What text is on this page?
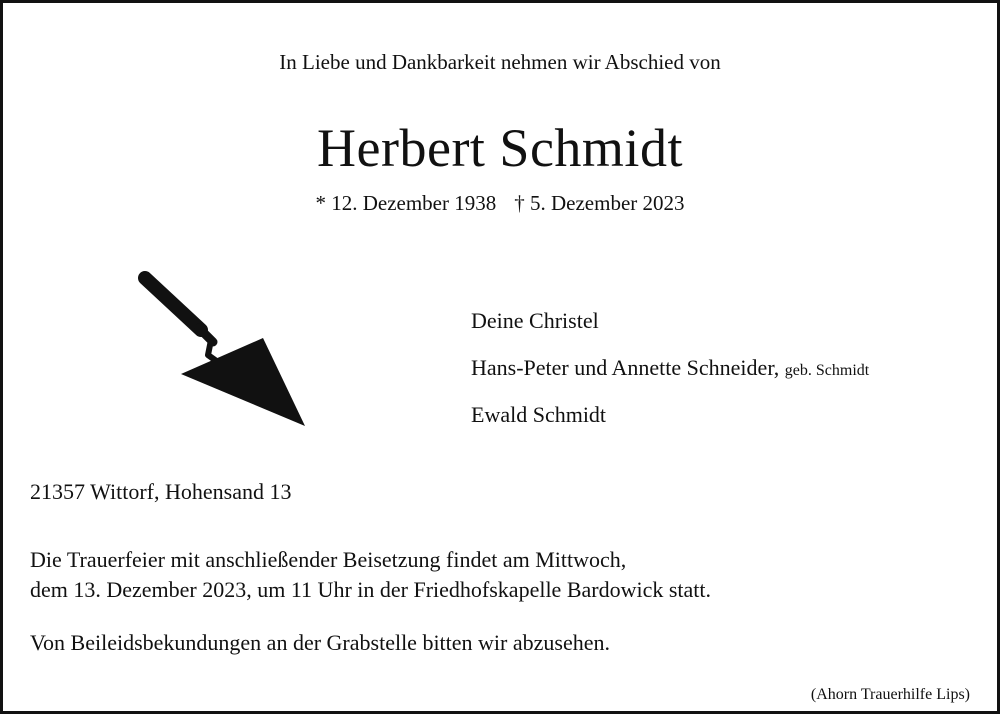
In Liebe und Dankbarkeit nehmen wir Abschied von
Herbert Schmidt
* 12. Dezember 1938 † 5. Dezember 2023
Deine Christel
Hans-Peter und Annette Schneider, geb. Schmidt
Ewald Schmidt
21357 Wittorf, Hohensand 13
Die Trauerfeier mit anschließender Beisetzung findet am Mittwoch,
dem 13. Dezember 2023, um 11 Uhr in der Friedhofskapelle Bardowick statt.
Von Beileidsbekundungen an der Grabstelle bitten wir abzusehen.
(Ahorn Trauerhilfe Lips)
